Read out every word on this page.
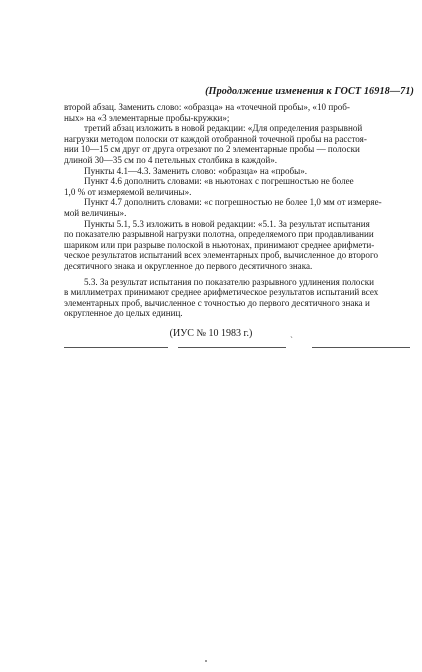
(Продолжение изменения к ГОСТ 16918—71)
второй абзац. Заменить слово: «образца» на «точечной пробы», «10 проб-
ных» на «3 элементарные пробы-кружки»;
третий абзац изложить в новой редакции: «Для определения разрывной
нагрузки методом полоски от каждой отобранной точечной пробы на расстоя-
нии 10—15 см друг от друга отрезают по 2 элементарные пробы — полоски
длиной 30—35 см по 4 петельных столбика в каждой».
Пункты 4.1—4.3. Заменить слово: «образца» на «пробы».
Пункт 4.6 дополнить словами: «в ньютонах с погрешностью не более
1,0 % от измеряемой величины».
Пункт 4.7 дополнить словами: «с погрешностью не более 1,0 мм от измеряе-
мой величины».
Пункты 5.1, 5.3 изложить в новой редакции: «5.1. За результат испытания
по показателю разрывной нагрузки полотна, определяемого при продавливании
шариком или при разрыве полоской в ньютонах, принимают среднее арифмети-
ческое результатов испытаний всех элементарных проб, вычисленное до второго
десятичного знака и округленное до первого десятичного знака.
5.3. За результат испытания по показателю разрывного удлинения полоски
в миллиметрах принимают среднее арифметическое результатов испытаний всех
элементарных проб, вычисленное с точностью до первого десятичного знака и
округленное до целых единиц.
(ИУС № 10 1983 г.)
`
